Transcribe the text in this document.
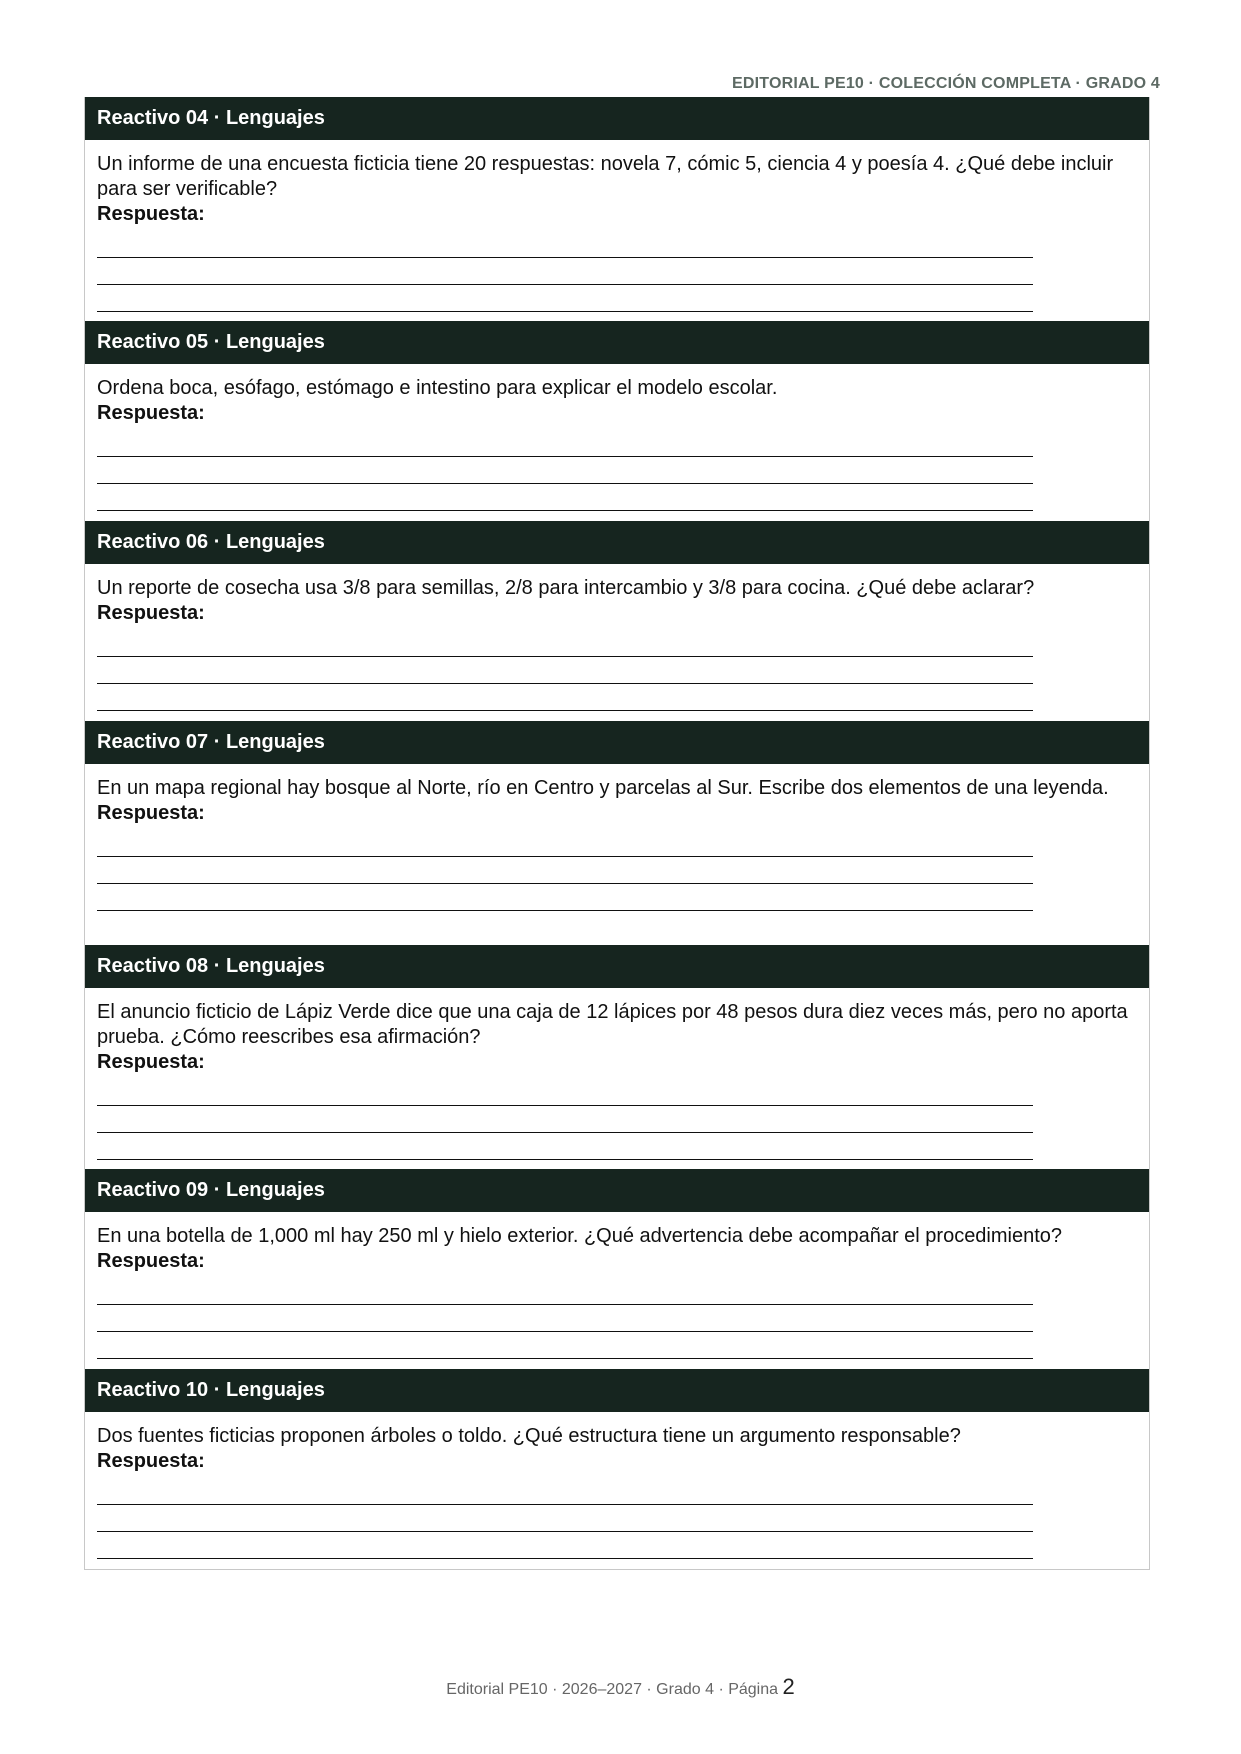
EDITORIAL PE10 · COLECCIÓN COMPLETA · GRADO 4
Reactivo 04 · Lenguajes

Un informe de una encuesta ficticia tiene 20 respuestas: novela 7, cómic 5, ciencia 4 y poesía 4. ¿Qué debe incluir para ser verificable?

Respuesta:

Reactivo 05 · Lenguajes

Ordena boca, esófago, estómago e intestino para explicar el modelo escolar.

Respuesta:

Reactivo 06 · Lenguajes

Un reporte de cosecha usa 3/8 para semillas, 2/8 para intercambio y 3/8 para cocina. ¿Qué debe aclarar?

Respuesta:

Reactivo 07 · Lenguajes

En un mapa regional hay bosque al Norte, río en Centro y parcelas al Sur. Escribe dos elementos de una leyenda.

Respuesta:

Reactivo 08 · Lenguajes

El anuncio ficticio de Lápiz Verde dice que una caja de 12 lápices por 48 pesos dura diez veces más, pero no aporta prueba. ¿Cómo reescribes esa afirmación?

Respuesta:

Reactivo 09 · Lenguajes

En una botella de 1,000 ml hay 250 ml y hielo exterior. ¿Qué advertencia debe acompañar el procedimiento?

Respuesta:

Reactivo 10 · Lenguajes

Dos fuentes ficticias proponen árboles o toldo. ¿Qué estructura tiene un argumento responsable?

Respuesta:

Editorial PE10 · 2026–2027 · Grado 4 · Página 2
